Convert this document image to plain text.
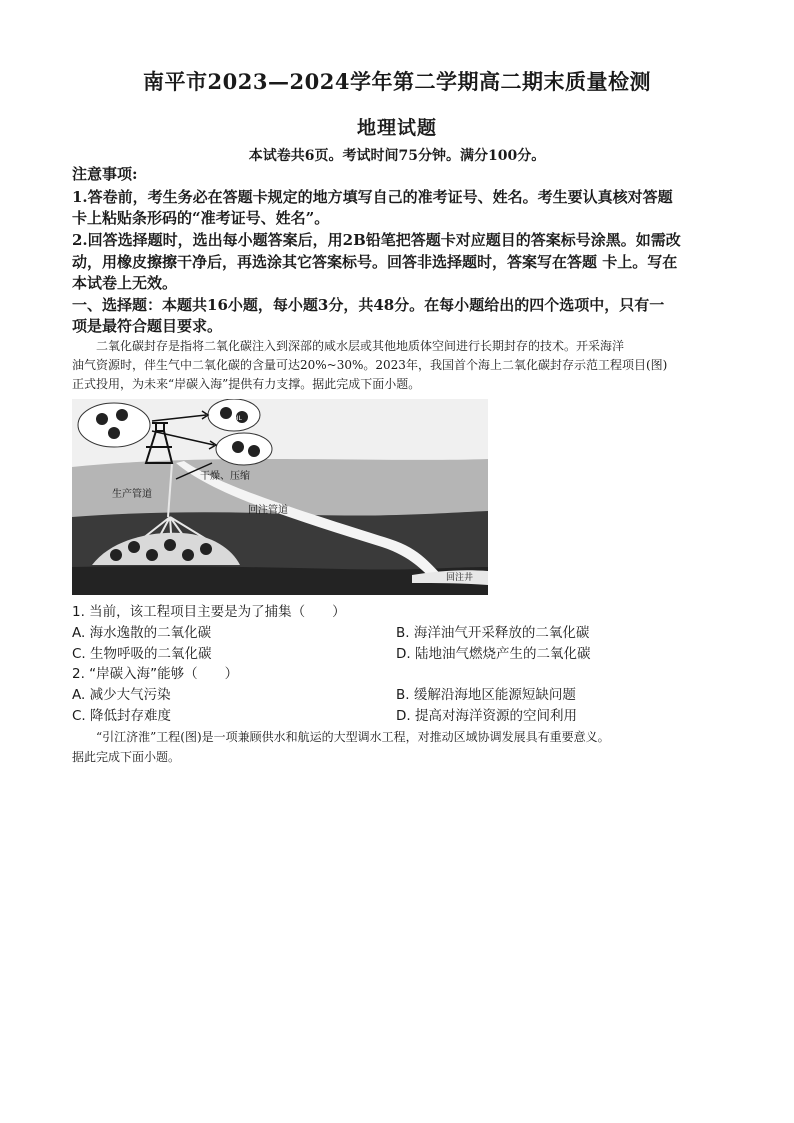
南平市2023—2024学年第二学期高二期末质量检测
地理试题
本试卷共6页。考试时间75分钟。满分100分。
注意事项:
1.答卷前，考生务必在答题卡规定的地方填写自己的准考证号、姓名。考生要认真核对答题
卡上粘贴条形码的“准考证号、姓名”。
2.回答选择题时，选出每小题答案后，用2B铅笔把答题卡对应题目的答案标号涂黑。如需改
动，用橡皮擦擦干净后，再选涂其它答案标号。回答非选择题时，答案写在答题 卡上。写在
本试卷上无效。
一、选择题：本题共16小题，每小题3分，共48分。在每小题给出的四个选项中，只有一
项是最符合题目要求。
　　二氧化碳封存是指将二氧化碳注入到深部的咸水层或其他地质体空间进行长期封存的技术。开采海洋
油气资源时，伴生气中二氧化碳的含量可达20%~30%。2023年，我国首个海上二氧化碳封存示范工程项目(图)
正式投用，为未来“岸碳入海”提供有力支撑。据此完成下面小题。
OIL
OIL
干燥、压缩
生产管道
回注管道
回注井
1. 当前，该工程项目主要是为了捕集（　　）
A. 海水逸散的二氧化碳	B. 海洋油气开采释放的二氧化碳
C. 生物呼吸的二氧化碳	D. 陆地油气燃烧产生的二氧化碳
2. “岸碳入海”能够（　　）
A. 减少大气污染	B. 缓解沿海地区能源短缺问题
C. 降低封存难度	D. 提高对海洋资源的空间利用
　　“引江济淮”工程(图)是一项兼顾供水和航运的大型调水工程，对推动区域协调发展具有重要意义。
据此完成下面小题。
